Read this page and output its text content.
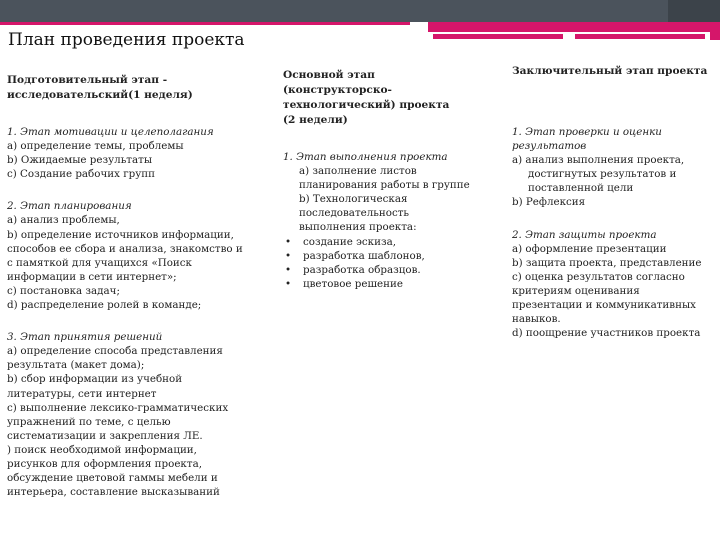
План проведения проекта
Подготовительный этап -
исследовательский(1 неделя)
1. Этап мотивации и целеполагания
a) определение темы, проблемы
b) Ожидаемые результаты
c) Создание рабочих групп
2. Этап планирования
a) анализ проблемы,
b) определение источников информации,
способов ее сбора и анализа, знакомство и
с памяткой для учащихся «Поиск
информации в сети интернет»;
c) постановка задач;
d) распределение ролей в команде;
3. Этап принятия решений
a) определение способа представления
результата (макет дома);
b) сбор информации из учебной
литературы, сети интернет
c) выполнение лексико-грамматических
упражнений по теме, с целью
систематизации и закрепления ЛЕ.
) поиск необходимой информации,
рисунков для оформления проекта,
обсуждение цветовой гаммы мебели и
интерьера, составление высказываний
Основной этап
(конструкторско-
технологический) проекта
(2 недели)
1. Этап выполнения проекта
a) заполнение листов
планирования работы в группе
b) Технологическая
последовательность
выполнения проекта:
• создание эскиза,
• разработка шаблонов,
• разработка образцов.
• цветовое решение
Заключительный этап проекта
1. Этап проверки и оценки
результатов
a) анализ выполнения проекта,
достигнутых результатов и
поставленной цели
b) Рефлексия
2. Этап защиты проекта
a) оформление презентации
b) защита проекта, представление
c) оценка результатов согласно
критериям оценивания
презентации и коммуникативных
навыков.
d) поощрение участников проекта
